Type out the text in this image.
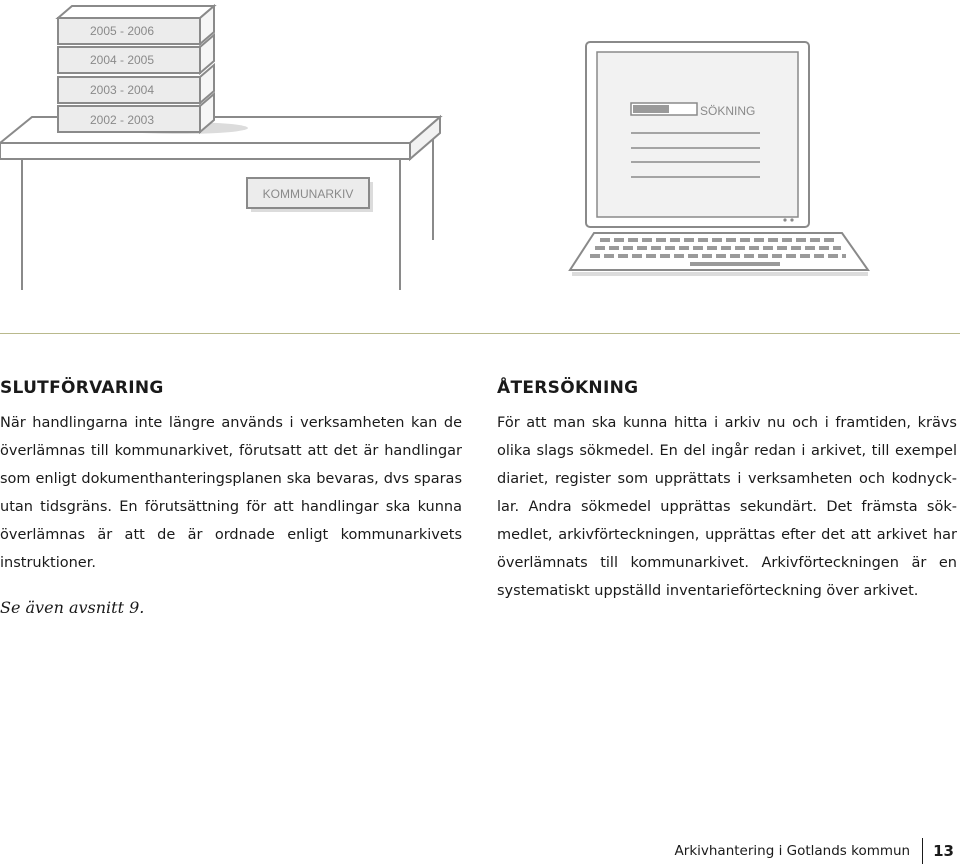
2005 - 2006
2004 - 2005
2003 - 2004
2002 - 2003
KOMMUNARKIV
SÖKNING
SLUTFÖRVARING

När handlingarna inte längre används i verksamheten kan de överlämnas till kommunarkivet, förutsatt att det är handlingar som enligt dokumenthanteringsplanen ska bevaras, dvs sparas utan tidsgräns. En förutsättning för att handlingar ska kunna överlämnas är att de är ordnade enligt kommunarkivets instruktioner.

Se även avsnitt 9.

ÅTERSÖKNING

För att man ska kunna hitta i arkiv nu och i framtiden, krävs olika slags sökmedel. En del ingår redan i arkivet, till exempel diariet, register som upprättats i verksamheten och kodnycklar. Andra sökmedel upprättas sekundärt. Det främsta sökmedlet, arkivförteckningen, upprättas efter det att arkivet har överlämnats till kommunarkivet. Arkivförteckningen är en systematiskt uppställd inventarieförteckning över arkivet.

Arkivhantering i Gotlands kommun 13
